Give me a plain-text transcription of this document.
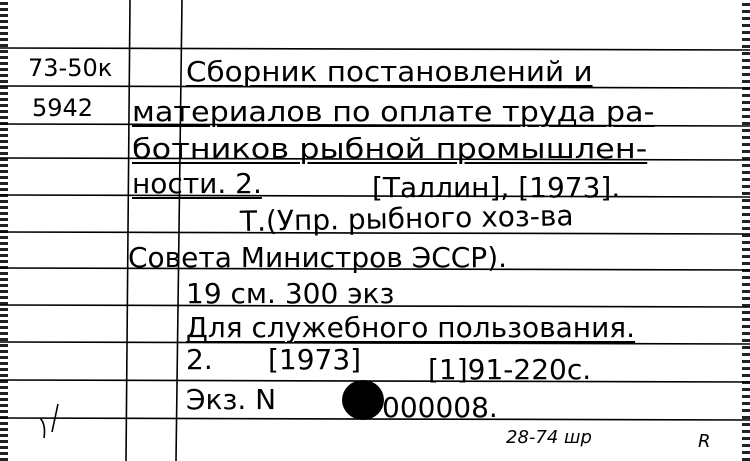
73-50к
5942
Сборник постановлений и
материалов по оплате труда ра-
ботников рыбной промышлен-
ности. 2.	[Таллин], [1973].
Т.(Упр. рыбного хоз-ва
Совета Министров ЭССР).
19 см. 300 экз
Для служебного пользования.
2. [1973] [1]91-220с.
Экз. N	000008.
28-74 шр	R
